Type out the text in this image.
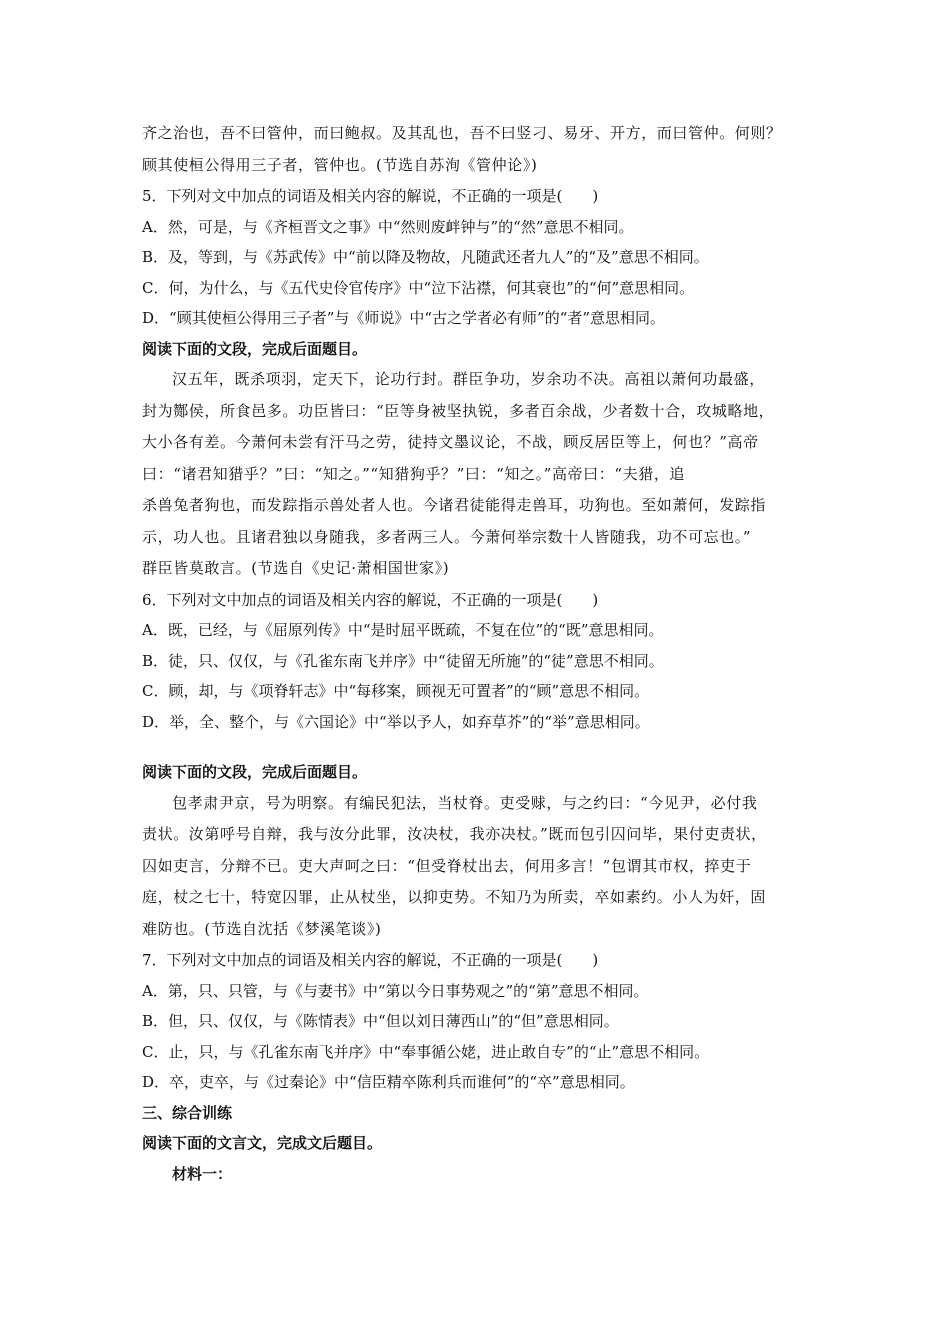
齐之治也，吾不曰管仲，而曰鲍叔。及其乱也，吾不曰竖刁、易牙、开方，而曰管仲。何则？

顾其使桓公得用三子者，管仲也。(节选自苏洵《管仲论》)

5．下列对文中加点的词语及相关内容的解说，不正确的一项是(　　)

A．然，可是，与《齐桓晋文之事》中“然则废衅钟与”的“然”意思不相同。

B．及，等到，与《苏武传》中“前以降及物故，凡随武还者九人”的“及”意思不相同。

C．何，为什么，与《五代史伶官传序》中“泣下沾襟，何其衰也”的“何”意思相同。

D．“顾其使桓公得用三子者”与《师说》中“古之学者必有师”的“者”意思相同。

阅读下面的文段，完成后面题目。

汉五年，既杀项羽，定天下，论功行封。群臣争功，岁余功不决。高祖以萧何功最盛，

封为酂侯，所食邑多。功臣皆曰：“臣等身被坚执锐，多者百余战，少者数十合，攻城略地，

大小各有差。今萧何未尝有汗马之劳，徒持文墨议论，不战，顾反居臣等上，何也？”高帝

曰：“诸君知猎乎？”曰：“知之。”“知猎狗乎？”曰：“知之。”高帝曰：“夫猎，追

杀兽兔者狗也，而发踪指示兽处者人也。今诸君徒能得走兽耳，功狗也。至如萧何，发踪指

示，功人也。且诸君独以身随我，多者两三人。今萧何举宗数十人皆随我，功不可忘也。”

群臣皆莫敢言。(节选自《史记·萧相国世家》)

6．下列对文中加点的词语及相关内容的解说，不正确的一项是(　　)

A．既，已经，与《屈原列传》中“是时屈平既疏，不复在位”的“既”意思相同。

B．徒，只、仅仅，与《孔雀东南飞并序》中“徒留无所施”的“徒”意思不相同。

C．顾，却，与《项脊轩志》中“每移案，顾视无可置者”的“顾”意思不相同。

D．举，全、整个，与《六国论》中“举以予人，如弃草芥”的“举”意思相同。

阅读下面的文段，完成后面题目。

包孝肃尹京，号为明察。有编民犯法，当杖脊。吏受赇，与之约曰：“今见尹，必付我

责状。汝第呼号自辩，我与汝分此罪，汝决杖，我亦决杖。”既而包引囚问毕，果付吏责状，

囚如吏言，分辩不已。吏大声呵之曰：“但受脊杖出去，何用多言！”包谓其市权，捽吏于

庭，杖之七十，特宽囚罪，止从杖坐，以抑吏势。不知乃为所卖，卒如素约。小人为奸，固

难防也。(节选自沈括《梦溪笔谈》)

7．下列对文中加点的词语及相关内容的解说，不正确的一项是(　　)

A．第，只、只管，与《与妻书》中“第以今日事势观之”的“第”意思不相同。

B．但，只、仅仅，与《陈情表》中“但以刘日薄西山”的“但”意思相同。

C．止，只，与《孔雀东南飞并序》中“奉事循公姥，进止敢自专”的“止”意思不相同。

D．卒，吏卒，与《过秦论》中“信臣精卒陈利兵而谁何”的“卒”意思相同。

三、综合训练

阅读下面的文言文，完成文后题目。

材料一：
